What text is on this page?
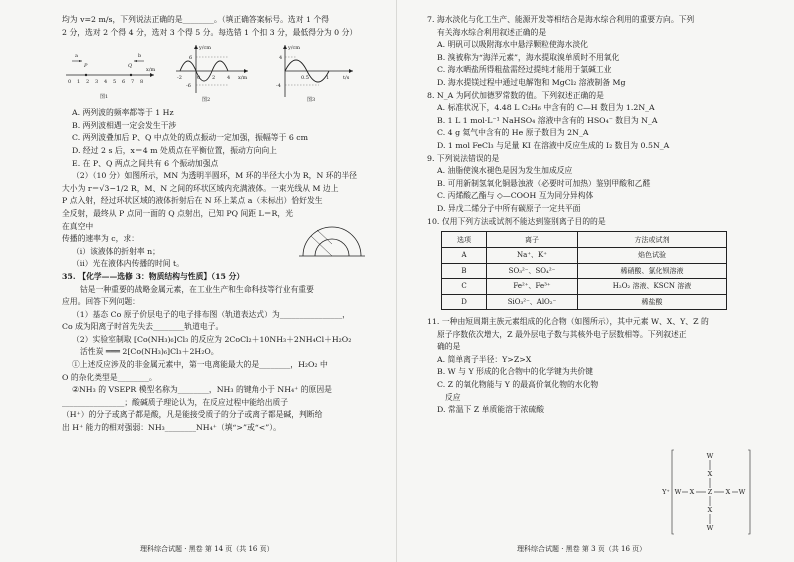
均为 v=2 m/s，下列说法正确的是________。（填正确答案标号。选对 1 个得

2 分，选对 2 个得 4 分，选对 3 个得 5 分。每选错 1 个扣 3 分，最低得分为 0 分）

0 1 2 3 4 5 6 7 8
x/m
P	Q
a	b
图1
y/cm
x/m
6
-6
-2	0 2 4
图2
y/cm
t/s
4
-4
0.5	1
图3

A. 两列波的频率都等于 1 Hz

B. 两列波相遇一定会发生干涉

C. 两列波叠加后 P、Q 中点处的质点振动一定加强，振幅等于 6 cm

D. 经过 2 s 后，x＝4 m 处质点在平衡位置，振动方向向上

E. 在 P、Q 两点之间共有 6 个振动加强点

（2）（10 分）如图所示，MN 为透明半圆环，M 环的半径大小为 R，N 环的半径

大小为 r＝√3−1/2 R，M、N 之间的环状区域内充满液体。一束光线从 M 边上

P 点入射，经过环状区域的液体折射后在 N 环上某点 a（未标出）恰好发生

全反射，最终从 P 点同一面的 Q 点射出，已知 PQ 间距 L＝R，光在真空中

传播的速率为 c，求：

（ⅰ）该液体的折射率 n；

（ⅱ）光在液体内传播的时间 t。

35. 【化学——选修 3：物质结构与性质】（15 分）

钴是一种重要的战略金属元素，在工业生产和生命科技等行业有重要

应用。回答下列问题：

（1）基态 Co 原子价层电子的电子排布图（轨道表达式）为________________，

Co 成为阳离子时首先失去________轨道电子。

（2）实验室制取 [Co(NH₃)₆]Cl₃ 的反应为 2CoCl₂＋10NH₃＋2NH₄Cl＋H₂O₂

活性炭 ═══ 2[Co(NH₃)₆]Cl₃＋2H₂O。

①上述反应涉及的非金属元素中，第一电离能最大的是________，H₂O₂ 中

O 的杂化类型是________。

②NH₃ 的 VSEPR 模型名称为________，NH₃ 的键角小于 NH₄⁺ 的原因是

________________；酸碱质子理论认为，在反应过程中能给出质子

（H⁺）的分子或离子都是酸，凡是能接受质子的分子或离子都是碱，判断给

出 H⁺ 能力的相对强弱：NH₃________NH₄⁺（填“>”或“<”）。

理科综合试题 · 黑卷 第 14 页（共 16 页）

7. 海水淡化与化工生产、能源开发等相结合是海水综合利用的重要方向。下列

有关海水综合利用叙述正确的是

A. 明矾可以吸附海水中悬浮颗粒使海水淡化

B. 溴被称为“海洋元素”，海水提取溴单质时不用氧化

C. 海水晒盐所得粗盐需经过提纯才能用于氯碱工业

D. 海水提镁过程中通过电解饱和 MgCl₂ 溶液制备 Mg

8. N_A 为阿伏加德罗常数的值。下列叙述正确的是

A. 标准状况下，4.48 L C₂H₆ 中含有的 C—H 数目为 1.2N_A

B. 1 L 1 mol·L⁻¹ NaHSO₄ 溶液中含有的 HSO₄⁻ 数目为 N_A

C. 4 g 氦气中含有的 He 原子数目为 2N_A

D. 1 mol FeCl₃ 与足量 KI 在溶液中反应生成的 I₂ 数目为 0.5N_A

9. 下列说法错误的是

A. 油脂使溴水褪色是因为发生加成反应

B. 可用新制氢氧化铜悬浊液（必要时可加热）鉴别甲酸和乙醛

C. 丙烯酸乙酯与 ◇—COOH 互为同分异构体

D. 异戊二烯分子中所有碳原子一定共平面

10. 仅用下列方法或试剂不能达到鉴别离子目的的是

选项	离子	方法或试剂
A	Na⁺、K⁺	焰色试验
B	SO₃²⁻、SO₄²⁻	稀硝酸、氯化钡溶液
C	Fe²⁺、Fe³⁺	H₂O₂ 溶液、KSCN 溶液
D	SiO₃²⁻、AlO₂⁻	稀盐酸

11. 一种由短周期主族元素组成的化合物（如图所示），其中元素 W、X、Y、Z 的

原子序数依次增大，Z 最外层电子数与其核外电子层数相等。下列叙述正

确的是

A. 简单离子半径：Y>Z>X

B. W 与 Y 形成的化合物中的化学键为共价键

C. Z 的氧化物能与 Y 的最高价氧化物的水化物

反应

D. 常温下 Z 单质能溶于浓硫酸

理科综合试题 · 黑卷 第 3 页（共 16 页）
Y⁺	Z
X
W
X
W
X
W	X W
